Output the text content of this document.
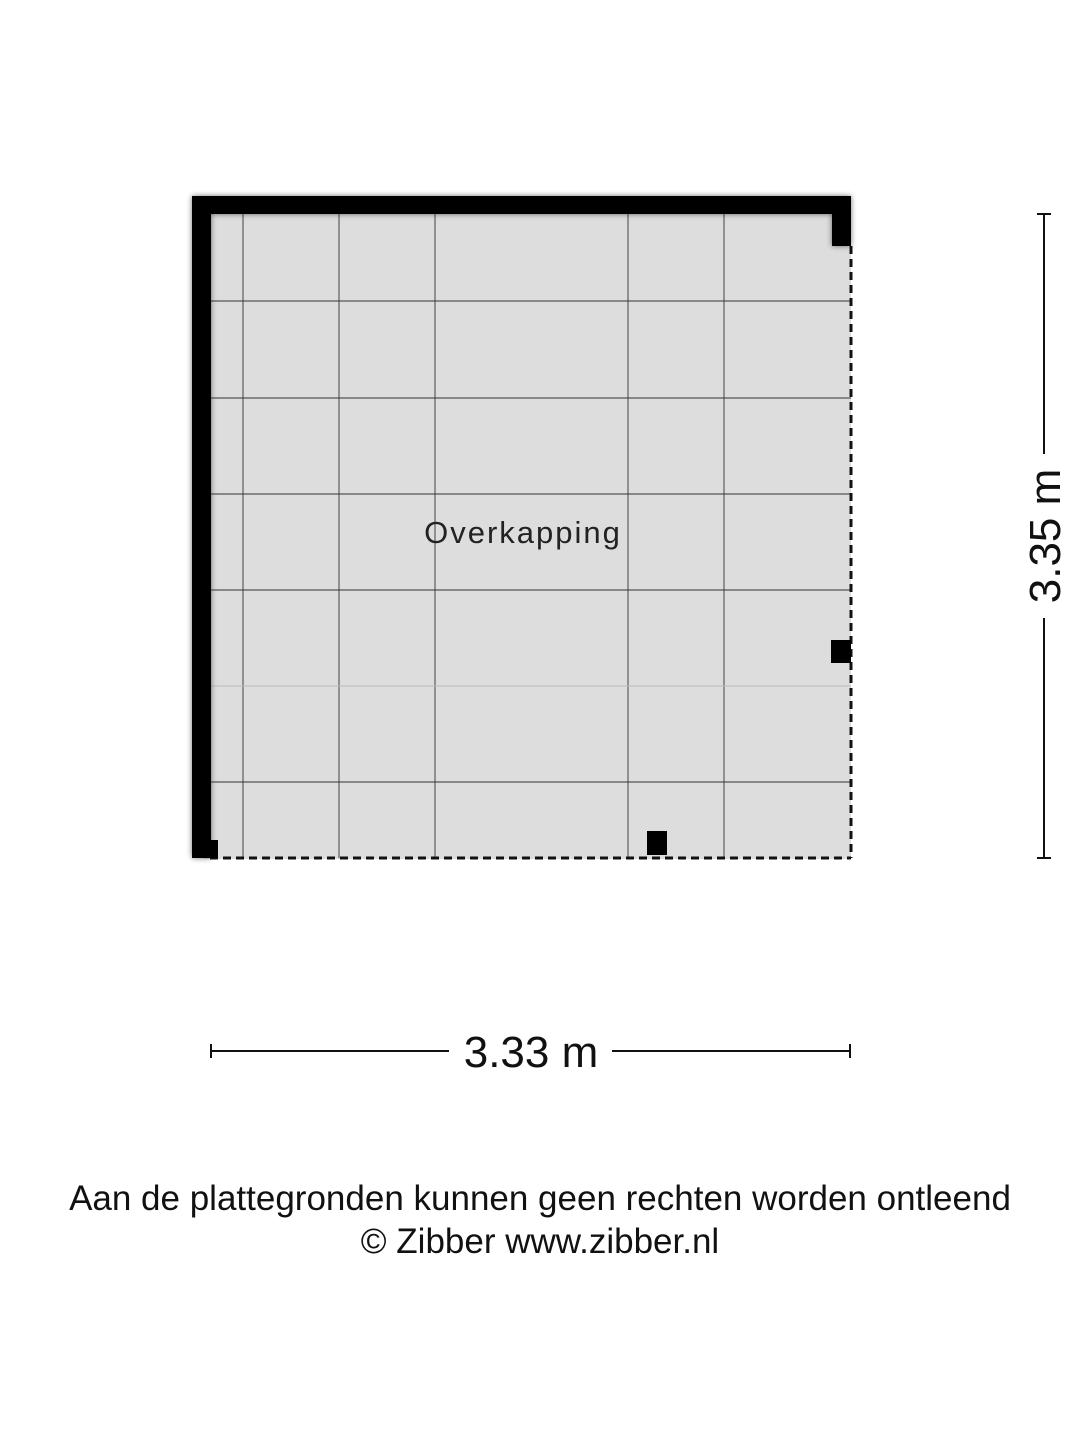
Overkapping
3.33 m
3.35 m
Aan de plattegronden kunnen geen rechten worden ontleend
© Zibber www.zibber.nl
